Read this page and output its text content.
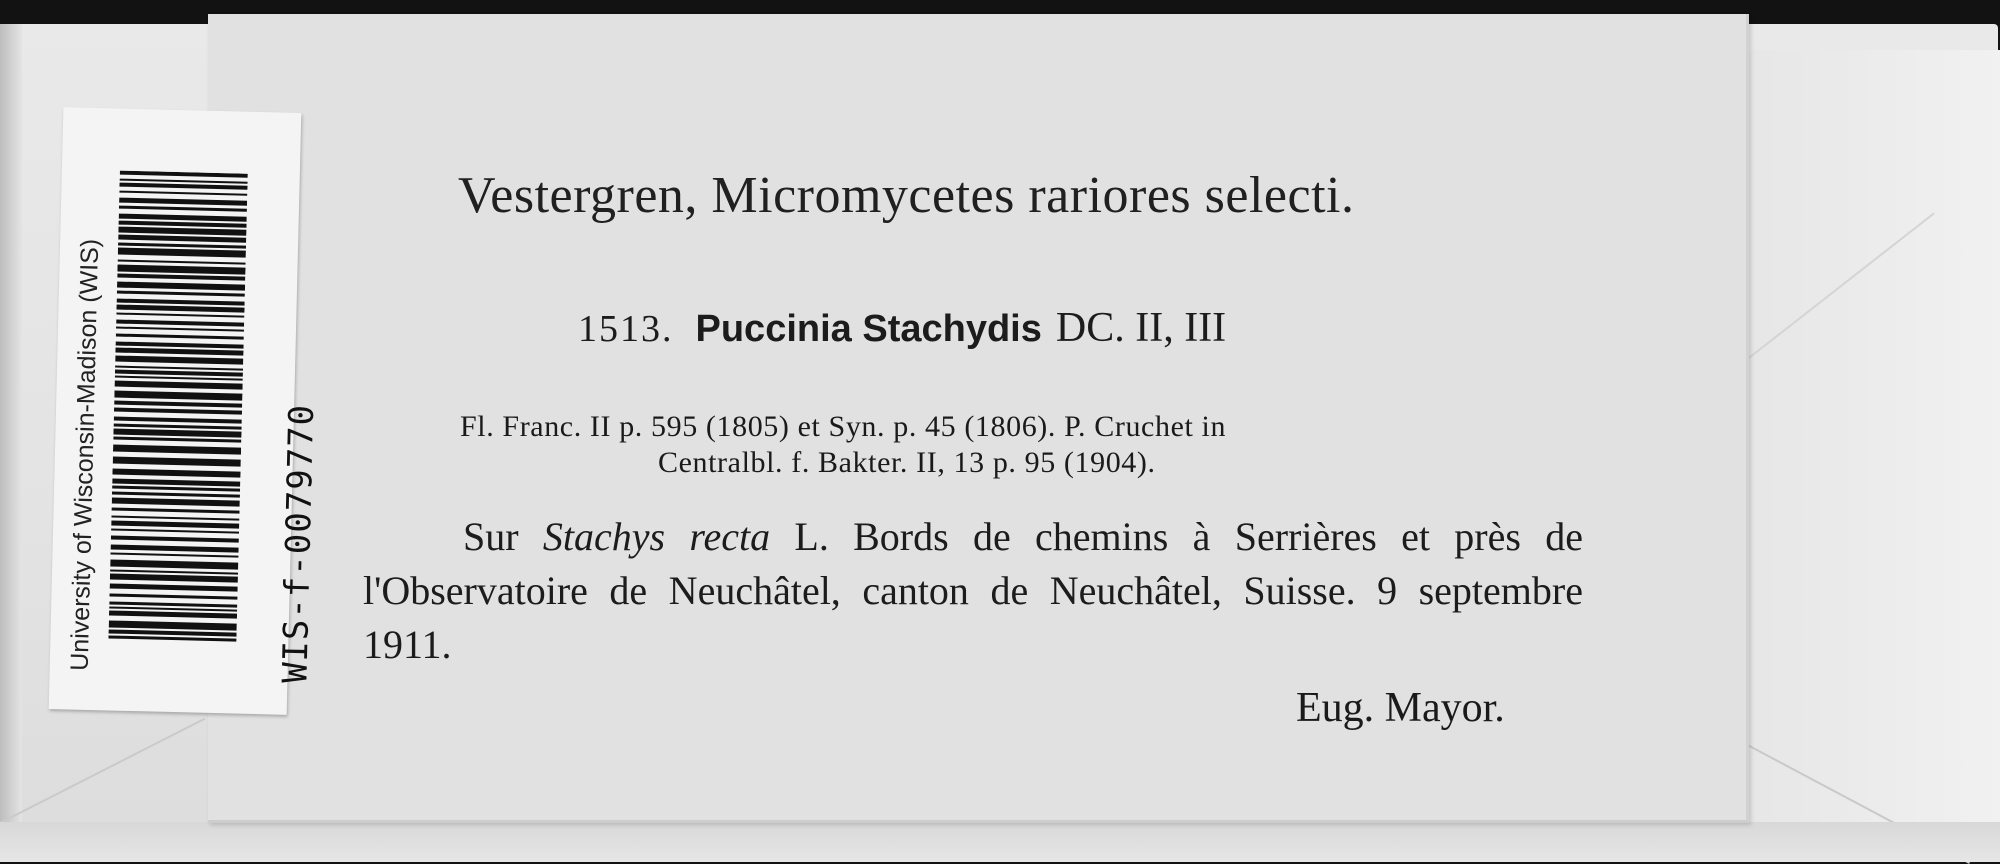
Vestergren, Micromycetes rariores selecti.
1513. Puccinia Stachydis DC. II, III
Fl. Franc. II p. 595 (1805) et Syn. p. 45 (1806). P. Cruchet in
Centralbl. f. Bakter. II, 13 p. 95 (1904).
Sur Stachys recta L. Bords de chemins à Serrières et près de l'Observatoire de Neuchâtel, canton de Neuchâtel, Suisse. 9 septembre 1911.
Eug. Mayor.
University of Wisconsin-Madison (WIS)	WIS-f-0079770
